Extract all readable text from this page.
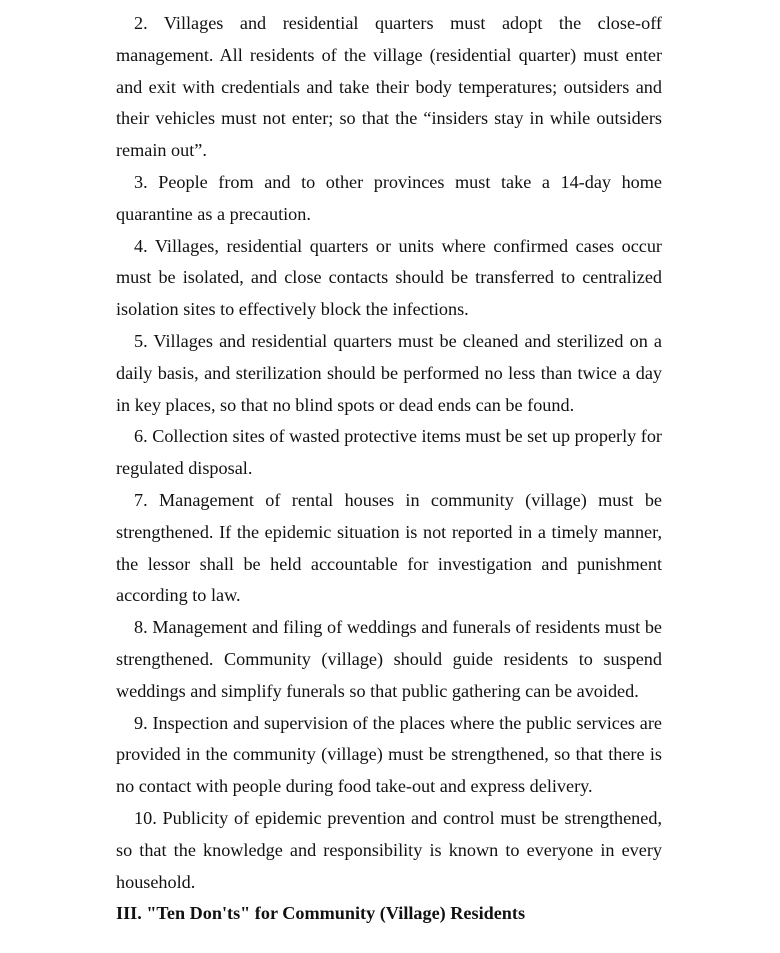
2. Villages and residential quarters must adopt the close-off management. All residents of the village (residential quarter) must enter and exit with credentials and take their body temperatures; outsiders and their vehicles must not enter; so that the “insiders stay in while outsiders remain out”.

3. People from and to other provinces must take a 14-day home quarantine as a precaution.

4. Villages, residential quarters or units where confirmed cases occur must be isolated, and close contacts should be transferred to centralized isolation sites to effectively block the infections.

5. Villages and residential quarters must be cleaned and sterilized on a daily basis, and sterilization should be performed no less than twice a day in key places, so that no blind spots or dead ends can be found.

6. Collection sites of wasted protective items must be set up properly for regulated disposal.

7. Management of rental houses in community (village) must be strengthened. If the epidemic situation is not reported in a timely manner, the lessor shall be held accountable for investigation and punishment according to law.

8. Management and filing of weddings and funerals of residents must be strengthened. Community (village) should guide residents to suspend weddings and simplify funerals so that public gathering can be avoided.

9. Inspection and supervision of the places where the public services are provided in the community (village) must be strengthened, so that there is no contact with people during food take-out and express delivery.

10. Publicity of epidemic prevention and control must be strengthened, so that the knowledge and responsibility is known to everyone in every household.

III. "Ten Don'ts" for Community (Village) Residents
